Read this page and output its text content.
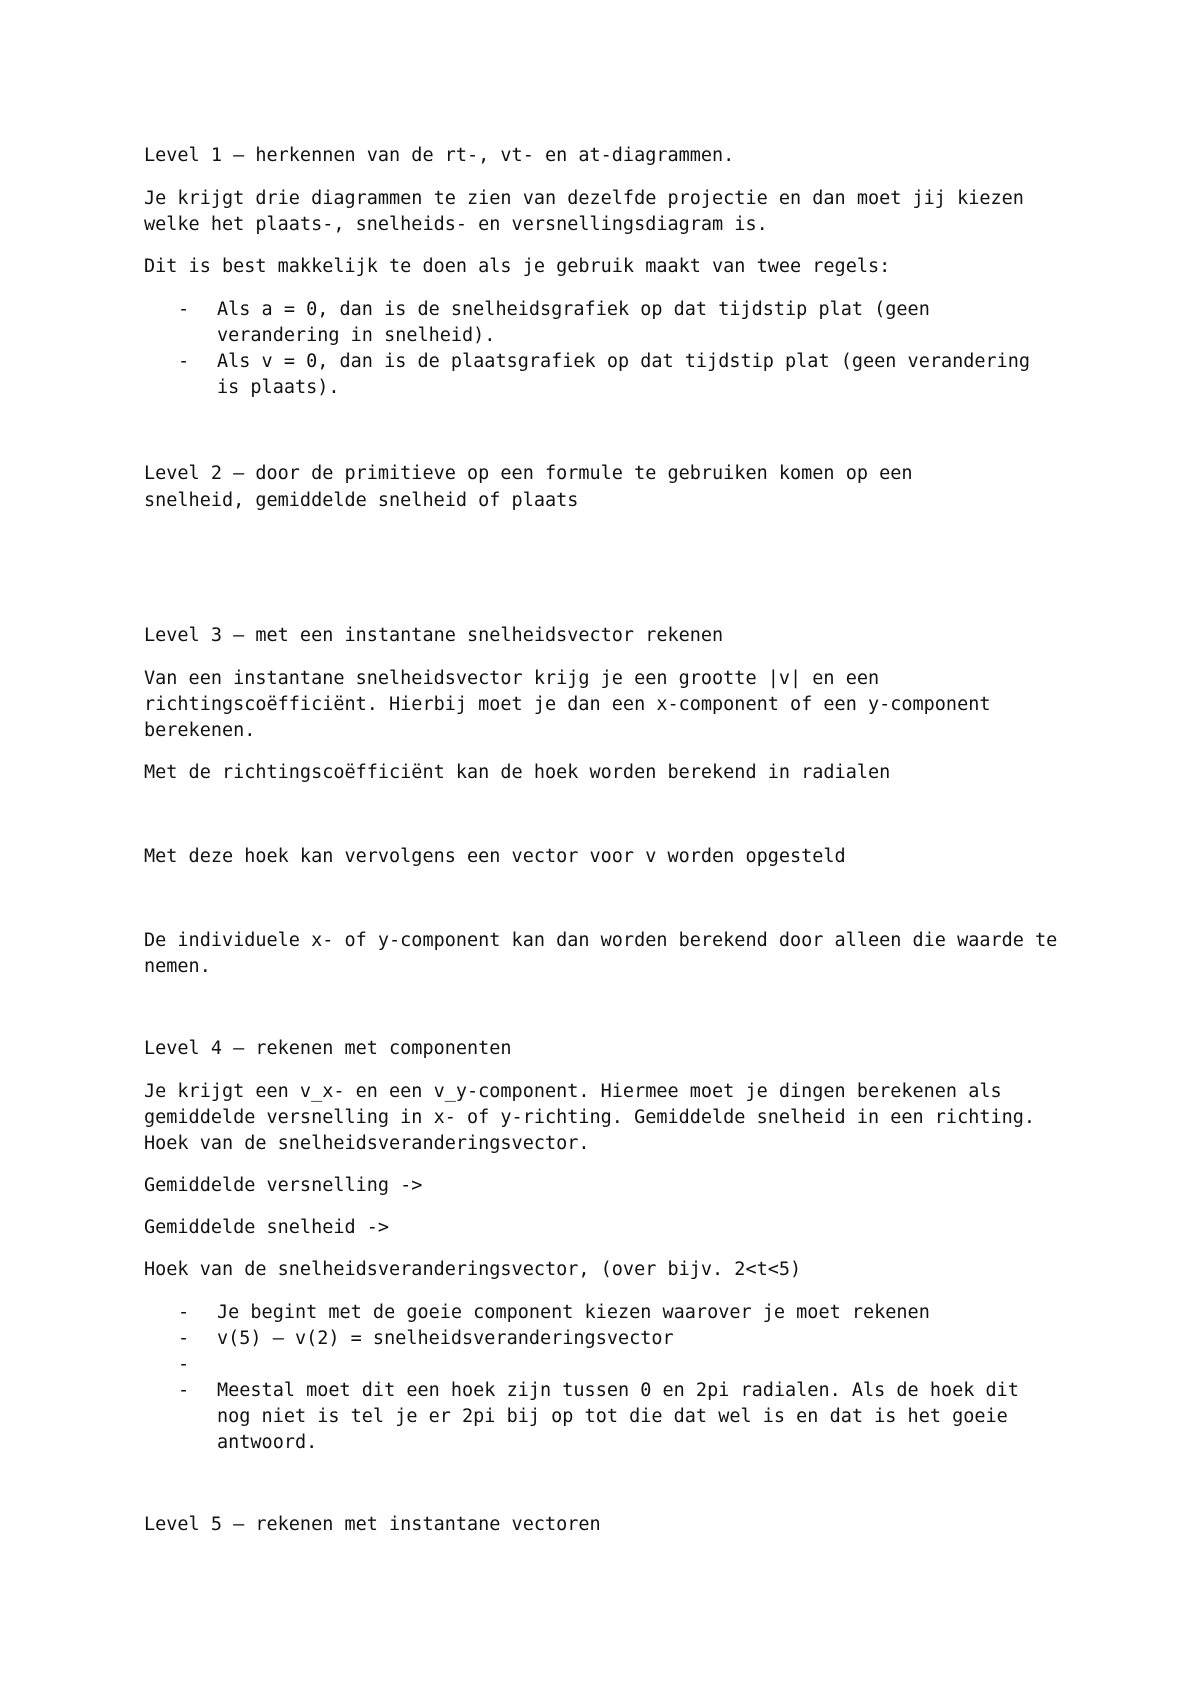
Level 1 – herkennen van de rt-, vt- en at-diagrammen.
Je krijgt drie diagrammen te zien van dezelfde projectie en dan moet jij kiezen
welke het plaats-, snelheids- en versnellingsdiagram is.
Dit is best makkelijk te doen als je gebruik maakt van twee regels:
- Als a = 0, dan is de snelheidsgrafiek op dat tijdstip plat (geen
verandering in snelheid).
- Als v = 0, dan is de plaatsgrafiek op dat tijdstip plat (geen verandering
is plaats).
Level 2 – door de primitieve op een formule te gebruiken komen op een
snelheid, gemiddelde snelheid of plaats
Level 3 – met een instantane snelheidsvector rekenen
Van een instantane snelheidsvector krijg je een grootte |v| en een
richtingscoëfficiënt. Hierbij moet je dan een x-component of een y-component
berekenen.
Met de richtingscoëfficiënt kan de hoek worden berekend in radialen
Met deze hoek kan vervolgens een vector voor v worden opgesteld
De individuele x- of y-component kan dan worden berekend door alleen die waarde te
nemen.
Level 4 – rekenen met componenten
Je krijgt een v_x- en een v_y-component. Hiermee moet je dingen berekenen als
gemiddelde versnelling in x- of y-richting. Gemiddelde snelheid in een richting.
Hoek van de snelheidsveranderingsvector.
Gemiddelde versnelling ->
Gemiddelde snelheid ->
Hoek van de snelheidsveranderingsvector, (over bijv. 2<t<5)
- Je begint met de goeie component kiezen waarover je moet rekenen
- v(5) – v(2) = snelheidsveranderingsvector
-
- Meestal moet dit een hoek zijn tussen 0 en 2pi radialen. Als de hoek dit
nog niet is tel je er 2pi bij op tot die dat wel is en dat is het goeie
antwoord.
Level 5 – rekenen met instantane vectoren
